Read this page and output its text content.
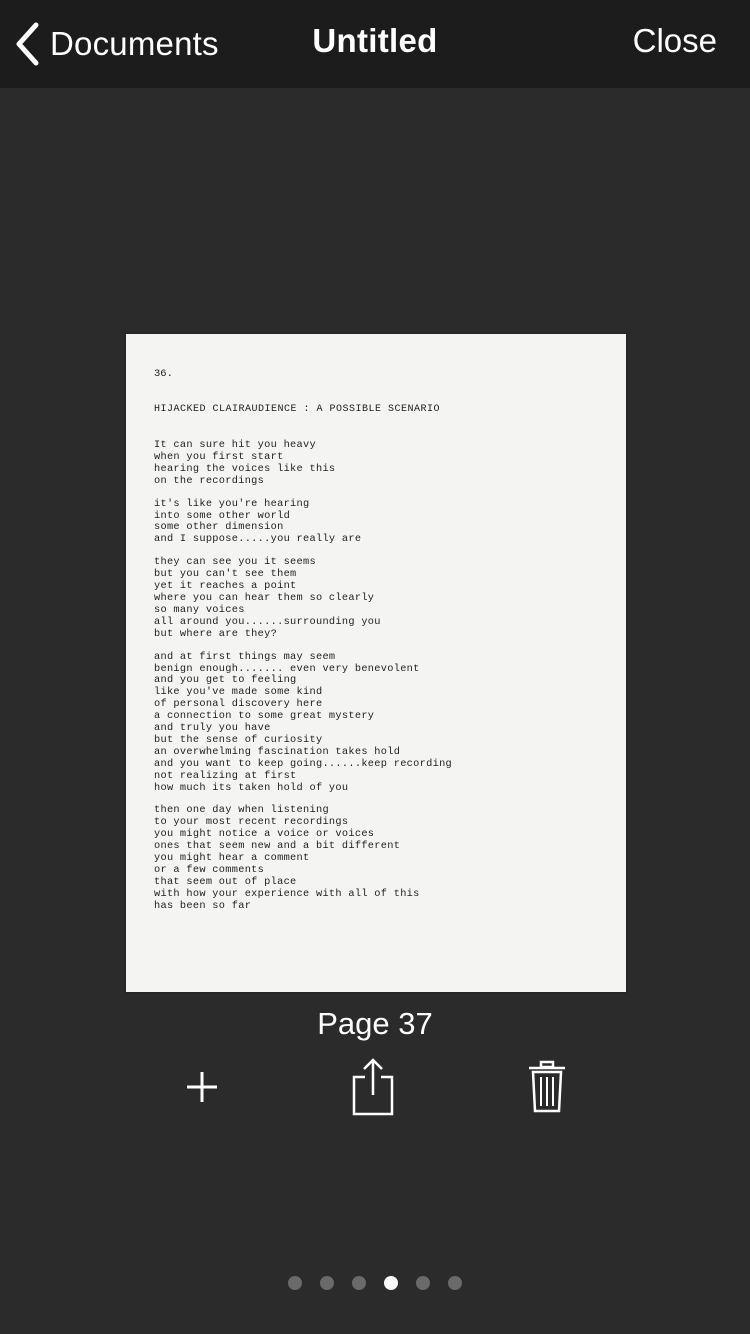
Documents	Untitled	Close
36.
HIJACKED CLAIRAUDIENCE : A POSSIBLE SCENARIO
It can sure hit you heavy
when you first start
hearing the voices like this
on the recordings
it's like you're hearing
into some other world
some other dimension
and I suppose.....you really are
they can see you it seems
but you can't see them
yet it reaches a point
where you can hear them so clearly
so many voices
all around you......surrounding you
but where are they?
and at first things may seem
benign enough....... even very benevolent
and you get to feeling
like you've made some kind
of personal discovery here
a connection to some great mystery
and truly you have
but the sense of curiosity
an overwhelming fascination takes hold
and you want to keep going......keep recording
not realizing at first
how much its taken hold of you
then one day when listening
to your most recent recordings
you might notice a voice or voices
ones that seem new and a bit different
you might hear a comment
or a few comments
that seem out of place
with how your experience with all of this
has been so far
Page 37
